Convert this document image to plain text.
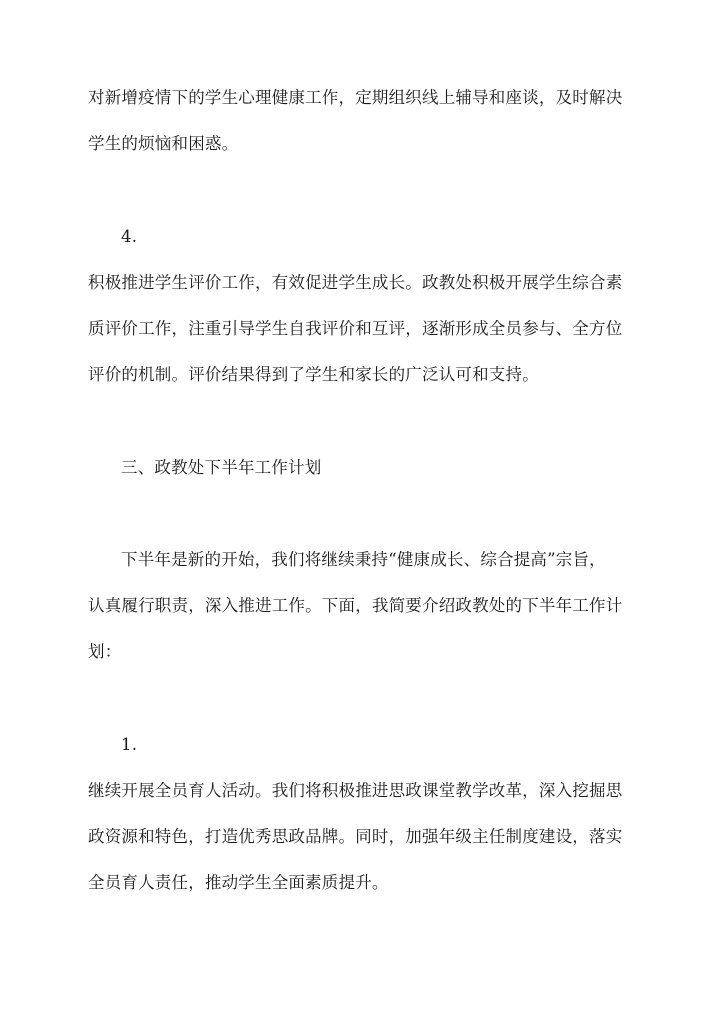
对新增疫情下的学生心理健康工作，定期组织线上辅导和座谈，及时解决
学生的烦恼和困惑。
4.
积极推进学生评价工作，有效促进学生成长。政教处积极开展学生综合素
质评价工作，注重引导学生自我评价和互评，逐渐形成全员参与、全方位
评价的机制。评价结果得到了学生和家长的广泛认可和支持。
三、政教处下半年工作计划
下半年是新的开始，我们将继续秉持“健康成长、综合提高”宗旨，
认真履行职责，深入推进工作。下面，我简要介绍政教处的下半年工作计
划：
1.
继续开展全员育人活动。我们将积极推进思政课堂教学改革，深入挖掘思
政资源和特色，打造优秀思政品牌。同时，加强年级主任制度建设，落实
全员育人责任，推动学生全面素质提升。
